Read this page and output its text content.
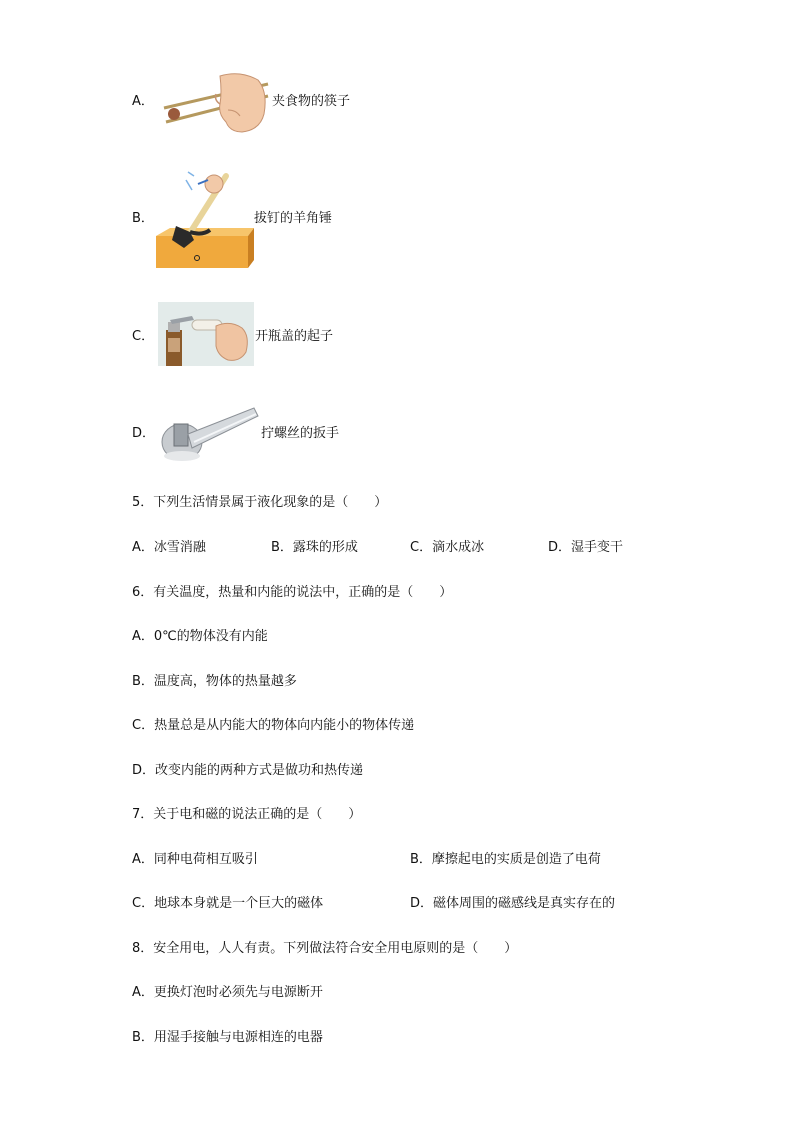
A．	夹食物的筷子
B．	拔钉的羊角锤
C．	开瓶盖的起子
D．	拧螺丝的扳手
5．下列生活情景属于液化现象的是（　　）
A．冰雪消融	B．露珠的形成	C．滴水成冰	D．湿手变干
6．有关温度，热量和内能的说法中，正确的是（　　）
A．0℃的物体没有内能
B．温度高，物体的热量越多
C．热量总是从内能大的物体向内能小的物体传递
D．改变内能的两种方式是做功和热传递
7．关于电和磁的说法正确的是（　　）
A．同种电荷相互吸引	B．摩擦起电的实质是创造了电荷
C．地球本身就是一个巨大的磁体	D．磁体周围的磁感线是真实存在的
8．安全用电，人人有责。下列做法符合安全用电原则的是（　　）
A．更换灯泡时必须先与电源断开
B．用湿手接触与电源相连的电器
